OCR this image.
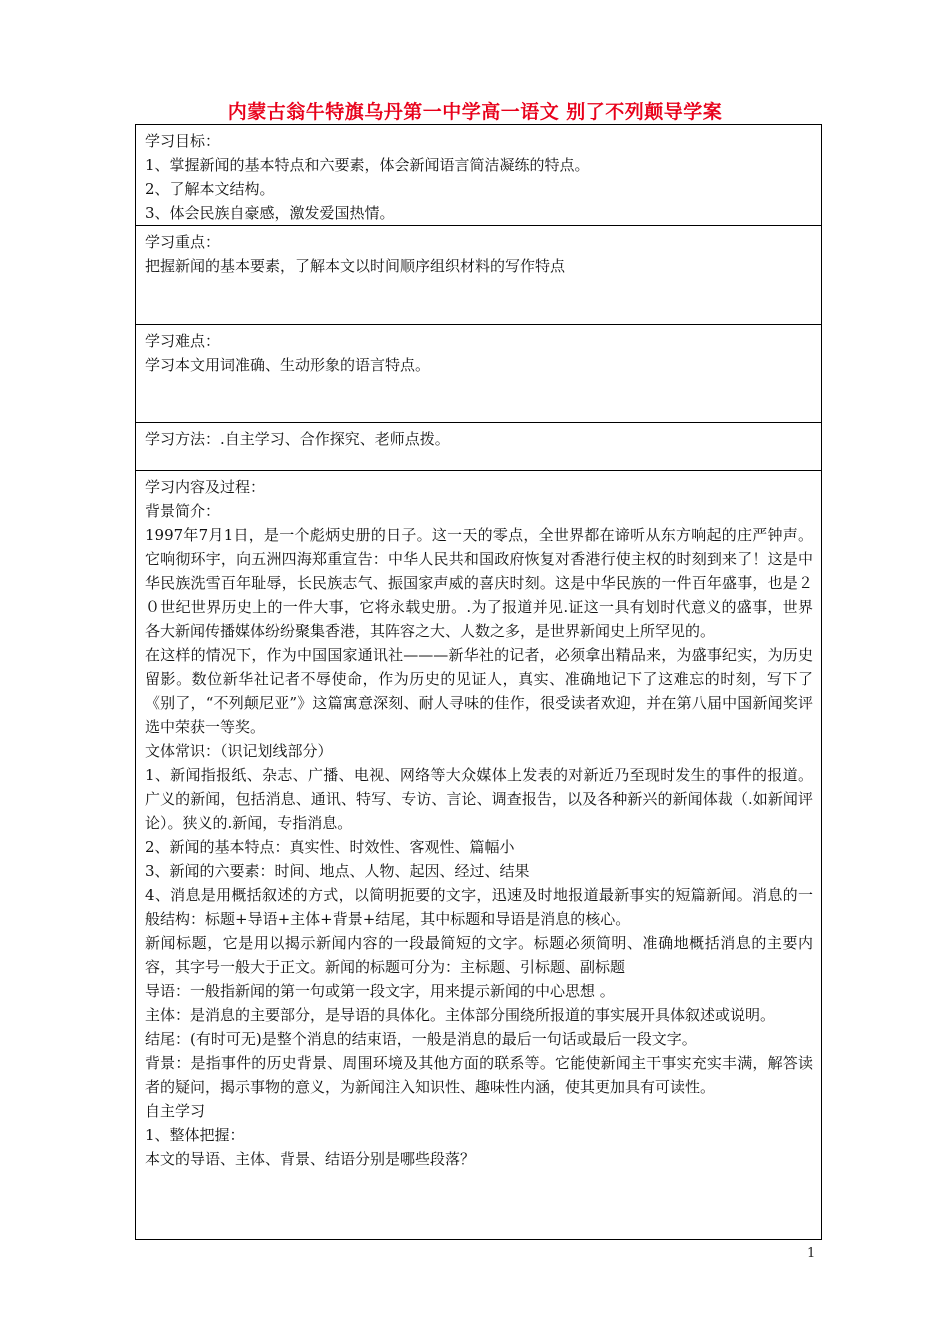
内蒙古翁牛特旗乌丹第一中学高一语文 别了不列颠导学案
学习目标：
1、掌握新闻的基本特点和六要素，体会新闻语言简洁凝练的特点。
2、了解本文结构。
3、体会民族自豪感，激发爱国热情。
学习重点：
把握新闻的基本要素，了解本文以时间顺序组织材料的写作特点
学习难点：
学习本文用词准确、生动形象的语言特点。
学习方法：.自主学习、合作探究、老师点拨。
学习内容及过程：
背景简介：
1997年7月1日，是一个彪炳史册的日子。这一天的零点，全世界都在谛听从东方响起的庄严钟声。它响彻环宇，向五洲四海郑重宣告：中华人民共和国政府恢复对香港行使主权的时刻到来了！这是中华民族洗雪百年耻辱，长民族志气、振国家声威的喜庆时刻。这是中华民族的一件百年盛事，也是２０世纪世界历史上的一件大事，它将永载史册。.为了报道并见.证这一具有划时代意义的盛事，世界各大新闻传播媒体纷纷聚集香港，其阵容之大、人数之多，是世界新闻史上所罕见的。
在这样的情况下，作为中国国家通讯社———新华社的记者，必须拿出精品来，为盛事纪实，为历史留影。数位新华社记者不辱使命，作为历史的见证人，真实、准确地记下了这难忘的时刻，写下了《别了，“不列颠尼亚”》这篇寓意深刻、耐人寻味的佳作，很受读者欢迎，并在第八届中国新闻奖评选中荣获一等奖。
文体常识：（识记划线部分）
1、新闻指报纸、杂志、广播、电视、网络等大众媒体上发表的对新近乃至现时发生的事件的报道。广义的新闻，包括消息、通讯、特写、专访、言论、调查报告，以及各种新兴的新闻体裁（.如新闻评论）。狭义的.新闻，专指消息。
2、新闻的基本特点：真实性、时效性、客观性、篇幅小
3、新闻的六要素：时间、地点、人物、起因、经过、结果
4、消息是用概括叙述的方式，以简明扼要的文字，迅速及时地报道最新事实的短篇新闻。消息的一般结构：标题+导语+主体+背景+结尾，其中标题和导语是消息的核心。
新闻标题，它是用以揭示新闻内容的一段最简短的文字。标题必须简明、准确地概括消息的主要内容，其字号一般大于正文。新闻的标题可分为：主标题、引标题、副标题
导语：一般指新闻的第一句或第一段文字，用来提示新闻的中心思想 。
主体：是消息的主要部分，是导语的具体化。主体部分围绕所报道的事实展开具体叙述或说明。
结尾：(有时可无)是整个消息的结束语，一般是消息的最后一句话或最后一段文字。
背景：是指事件的历史背景、周围环境及其他方面的联系等。它能使新闻主干事实充实丰满，解答读者的疑问，揭示事物的意义，为新闻注入知识性、趣味性内涵，使其更加具有可读性。
自主学习
1、整体把握：
本文的导语、主体、背景、结语分别是哪些段落？
1
